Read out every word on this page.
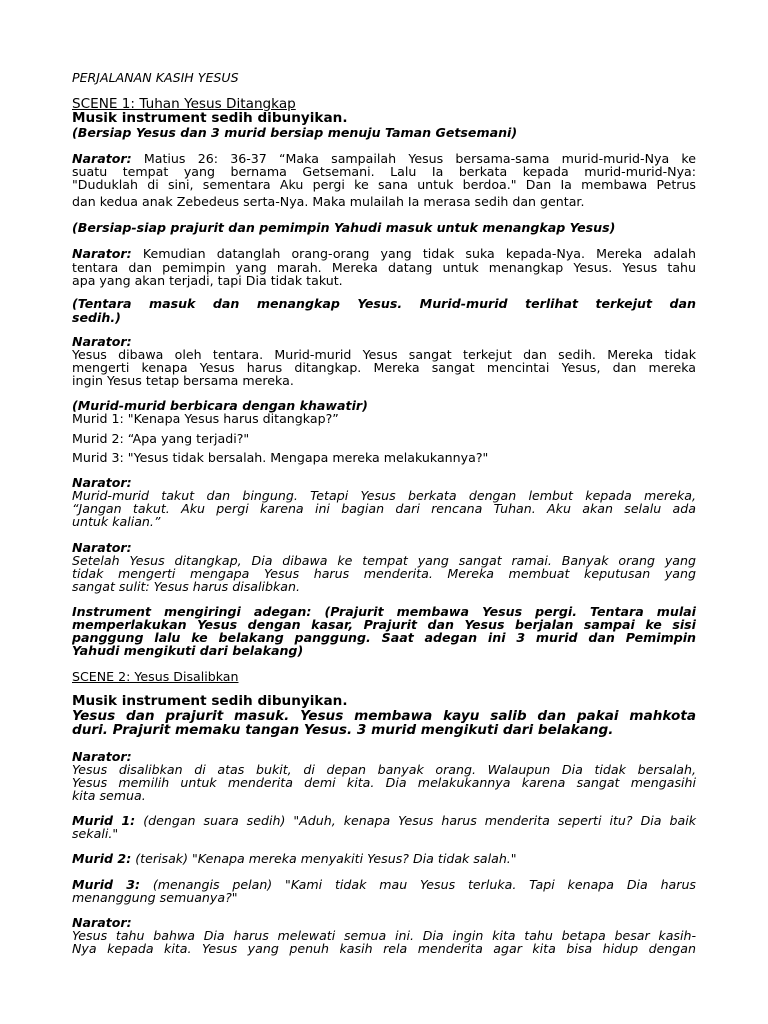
PERJALANAN KASIH YESUS
SCENE 1: Tuhan Yesus Ditangkap
Musik instrument sedih dibunyikan.
(Bersiap Yesus dan 3 murid bersiap menuju Taman Getsemani)
Narator: Matius 26: 36-37 “Maka sampailah Yesus bersama-sama murid-murid-Nya ke
suatu tempat yang bernama Getsemani. Lalu Ia berkata kepada murid-murid-Nya:
"Duduklah di sini, sementara Aku pergi ke sana untuk berdoa." Dan Ia membawa Petrus
dan kedua anak Zebedeus serta-Nya. Maka mulailah Ia merasa sedih dan gentar.
(Bersiap-siap prajurit dan pemimpin Yahudi masuk untuk menangkap Yesus)
Narator: Kemudian datanglah orang-orang yang tidak suka kepada-Nya. Mereka adalah
tentara dan pemimpin yang marah. Mereka datang untuk menangkap Yesus. Yesus tahu
apa yang akan terjadi, tapi Dia tidak takut.
(Tentara masuk dan menangkap Yesus. Murid-murid terlihat terkejut dan
sedih.)
Narator:
Yesus dibawa oleh tentara. Murid-murid Yesus sangat terkejut dan sedih. Mereka tidak
mengerti kenapa Yesus harus ditangkap. Mereka sangat mencintai Yesus, dan mereka
ingin Yesus tetap bersama mereka.
(Murid-murid berbicara dengan khawatir)
Murid 1: "Kenapa Yesus harus ditangkap?”
Murid 2: “Apa yang terjadi?"
Murid 3: "Yesus tidak bersalah. Mengapa mereka melakukannya?"
Narator:
Murid-murid takut dan bingung. Tetapi Yesus berkata dengan lembut kepada mereka,
“Jangan takut. Aku pergi karena ini bagian dari rencana Tuhan. Aku akan selalu ada
untuk kalian.”
Narator:
Setelah Yesus ditangkap, Dia dibawa ke tempat yang sangat ramai. Banyak orang yang
tidak mengerti mengapa Yesus harus menderita. Mereka membuat keputusan yang
sangat sulit: Yesus harus disalibkan.
Instrument mengiringi adegan: (Prajurit membawa Yesus pergi. Tentara mulai
memperlakukan Yesus dengan kasar, Prajurit dan Yesus berjalan sampai ke sisi
panggung lalu ke belakang panggung. Saat adegan ini 3 murid dan Pemimpin
Yahudi mengikuti dari belakang)
SCENE 2: Yesus Disalibkan
Musik instrument sedih dibunyikan.
Yesus dan prajurit masuk. Yesus membawa kayu salib dan pakai mahkota
duri. Prajurit memaku tangan Yesus. 3 murid mengikuti dari belakang.
Narator:
Yesus disalibkan di atas bukit, di depan banyak orang. Walaupun Dia tidak bersalah,
Yesus memilih untuk menderita demi kita. Dia melakukannya karena sangat mengasihi
kita semua.
Murid 1: (dengan suara sedih) "Aduh, kenapa Yesus harus menderita seperti itu? Dia baik
sekali."
Murid 2: (terisak) "Kenapa mereka menyakiti Yesus? Dia tidak salah."
Murid 3: (menangis pelan) "Kami tidak mau Yesus terluka. Tapi kenapa Dia harus
menanggung semuanya?"
Narator:
Yesus tahu bahwa Dia harus melewati semua ini. Dia ingin kita tahu betapa besar kasih-
Nya kepada kita. Yesus yang penuh kasih rela menderita agar kita bisa hidup dengan
